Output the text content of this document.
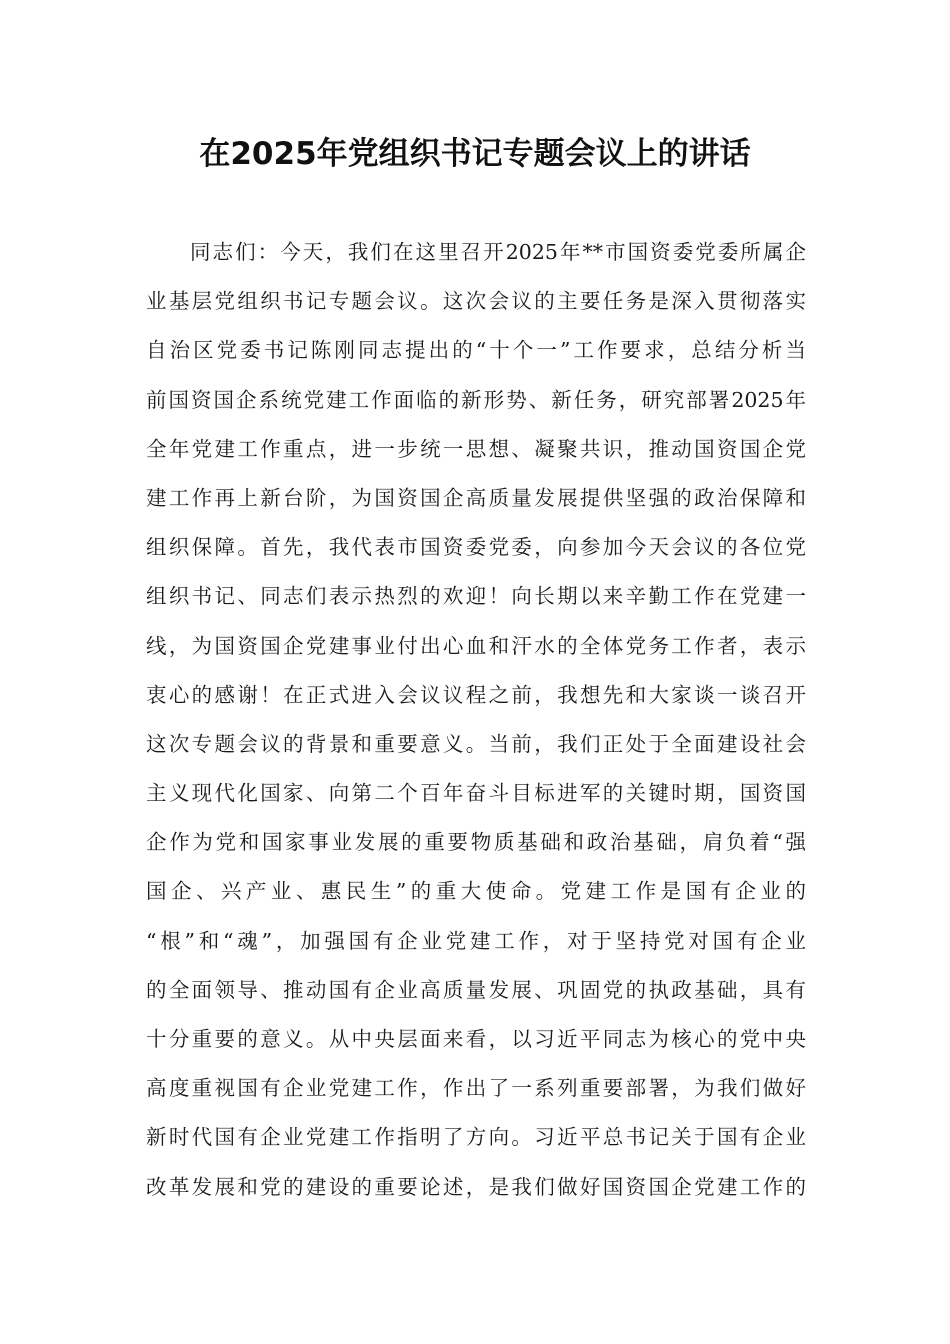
在2025年党组织书记专题会议上的讲话
同志们：今天，我们在这里召开2025年**市国资委党委所属企
业基层党组织书记专题会议。这次会议的主要任务是深入贯彻落实
自治区党委书记陈刚同志提出的“十个一”工作要求，总结分析当
前国资国企系统党建工作面临的新形势、新任务，研究部署2025年
全年党建工作重点，进一步统一思想、凝聚共识，推动国资国企党
建工作再上新台阶，为国资国企高质量发展提供坚强的政治保障和
组织保障。首先，我代表市国资委党委，向参加今天会议的各位党
组织书记、同志们表示热烈的欢迎！向长期以来辛勤工作在党建一
线，为国资国企党建事业付出心血和汗水的全体党务工作者，表示
衷心的感谢！在正式进入会议议程之前，我想先和大家谈一谈召开
这次专题会议的背景和重要意义。当前，我们正处于全面建设社会
主义现代化国家、向第二个百年奋斗目标进军的关键时期，国资国
企作为党和国家事业发展的重要物质基础和政治基础，肩负着“强
国企、兴产业、惠民生”的重大使命。党建工作是国有企业的
“根”和“魂”，加强国有企业党建工作，对于坚持党对国有企业
的全面领导、推动国有企业高质量发展、巩固党的执政基础，具有
十分重要的意义。从中央层面来看，以习近平同志为核心的党中央
高度重视国有企业党建工作，作出了一系列重要部署，为我们做好
新时代国有企业党建工作指明了方向。习近平总书记关于国有企业
改革发展和党的建设的重要论述，是我们做好国资国企党建工作的
